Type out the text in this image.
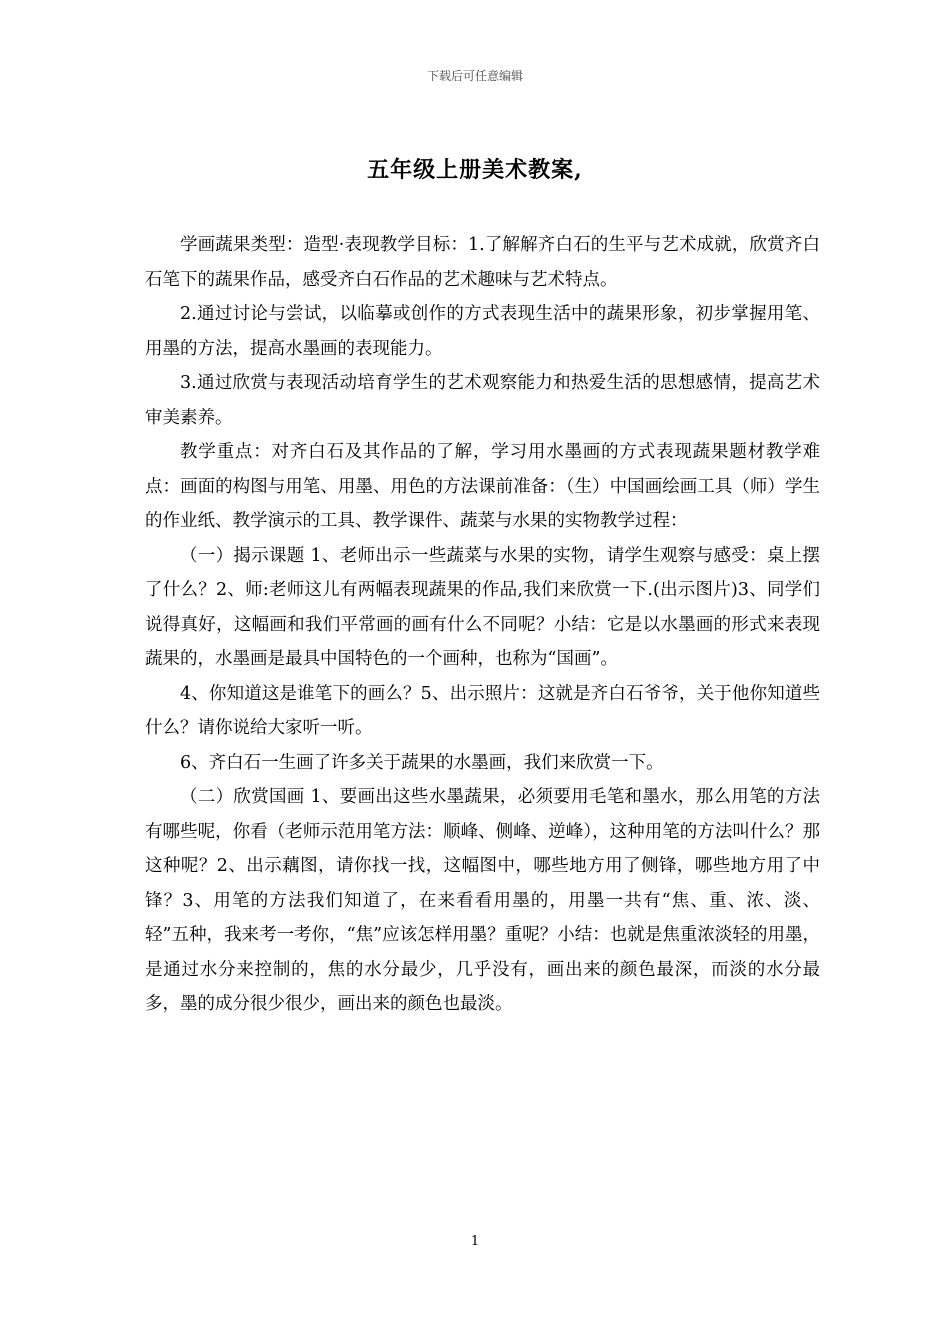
下载后可任意编辑
五年级上册美术教案,

学画蔬果类型：造型·表现教学目标：1.了解解齐白石的生平与艺术成就，欣赏齐白石笔下的蔬果作品，感受齐白石作品的艺术趣味与艺术特点。

2.通过讨论与尝试，以临摹或创作的方式表现生活中的蔬果形象，初步掌握用笔、用墨的方法，提高水墨画的表现能力。

3.通过欣赏与表现活动培育学生的艺术观察能力和热爱生活的思想感情，提高艺术审美素养。

教学重点：对齐白石及其作品的了解，学习用水墨画的方式表现蔬果题材教学难点：画面的构图与用笔、用墨、用色的方法课前准备：（生）中国画绘画工具（师）学生的作业纸、教学演示的工具、教学课件、蔬菜与水果的实物教学过程：

（一）揭示课题 1、老师出示一些蔬菜与水果的实物，请学生观察与感受：桌上摆了什么？2、师:老师这儿有两幅表现蔬果的作品,我们来欣赏一下.(出示图片)3、同学们说得真好，这幅画和我们平常画的画有什么不同呢？小结：它是以水墨画的形式来表现蔬果的，水墨画是最具中国特色的一个画种，也称为“国画”。

4、你知道这是谁笔下的画么？5、出示照片：这就是齐白石爷爷，关于他你知道些什么？请你说给大家听一听。

6、齐白石一生画了许多关于蔬果的水墨画，我们来欣赏一下。

（二）欣赏国画 1、要画出这些水墨蔬果，必须要用毛笔和墨水，那么用笔的方法有哪些呢，你看（老师示范用笔方法：顺峰、侧峰、逆峰），这种用笔的方法叫什么？那这种呢？2、出示藕图，请你找一找，这幅图中，哪些地方用了侧锋，哪些地方用了中锋？3、用笔的方法我们知道了，在来看看用墨的，用墨一共有“焦、重、浓、淡、轻”五种，我来考一考你，“焦”应该怎样用墨？重呢？小结：也就是焦重浓淡轻的用墨，是通过水分来控制的，焦的水分最少，几乎没有，画出来的颜色最深，而淡的水分最多，墨的成分很少很少，画出来的颜色也最淡。

1
